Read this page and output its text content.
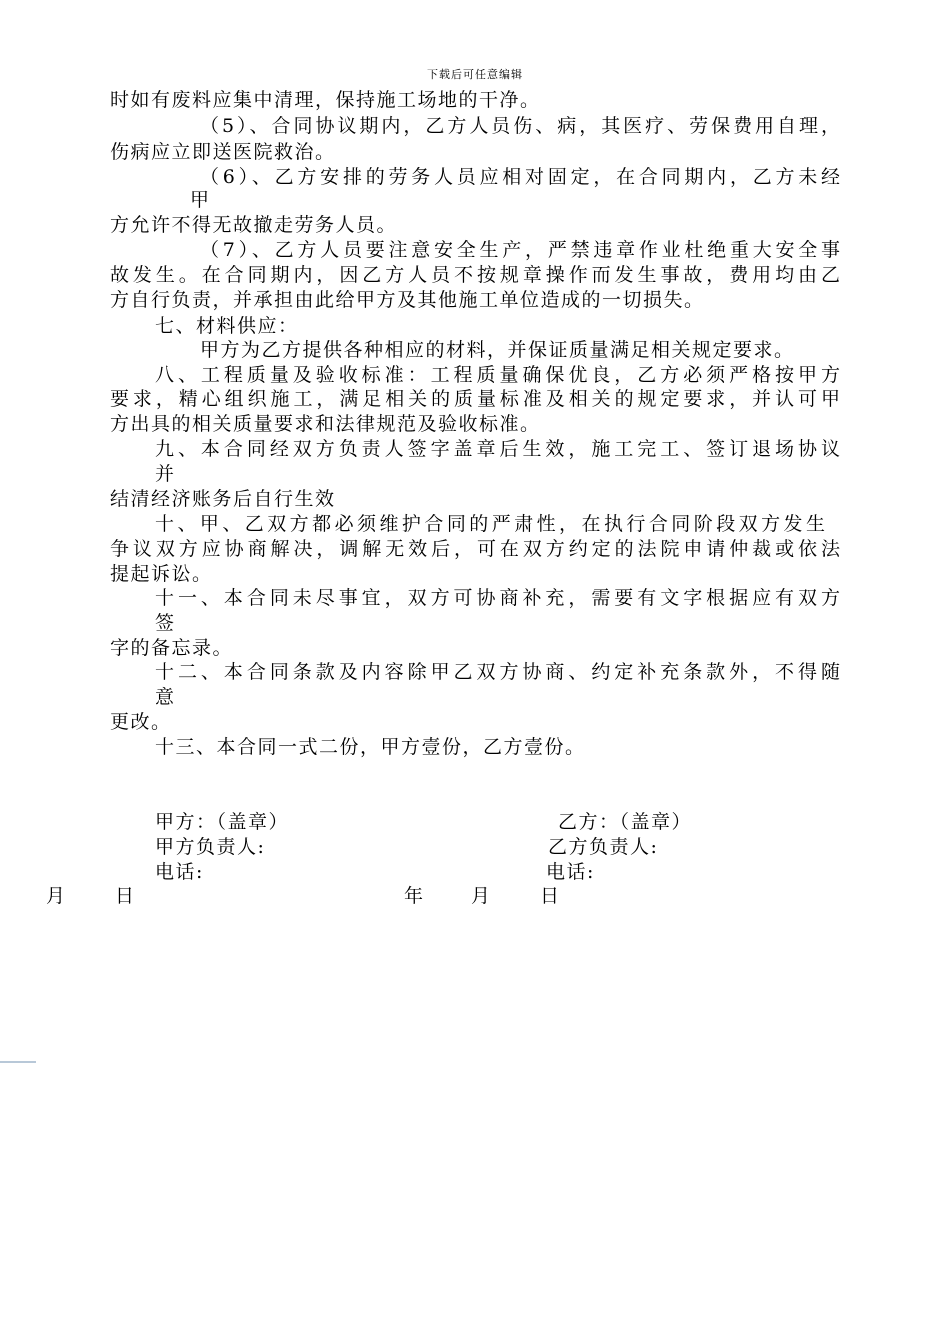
下载后可任意编辑
时如有废料应集中清理，保持施工场地的干净。
（5）、合同协议期内，乙方人员伤、病，其医疗、劳保费用自理，
伤病应立即送医院救治。
（6）、乙方安排的劳务人员应相对固定，在合同期内，乙方未经
甲
方允许不得无故撤走劳务人员。
（7）、乙方人员要注意安全生产，严禁违章作业杜绝重大安全事
故发生。在合同期内，因乙方人员不按规章操作而发生事故，费用均由乙
方自行负责，并承担由此给甲方及其他施工单位造成的一切损失。
七、材料供应：
甲方为乙方提供各种相应的材料，并保证质量满足相关规定要求。
八、工程质量及验收标准：工程质量确保优良，乙方必须严格按甲方
要求，精心组织施工，满足相关的质量标准及相关的规定要求，并认可甲
方出具的相关质量要求和法律规范及验收标准。
九、本合同经双方负责人签字盖章后生效，施工完工、签订退场协议
并
结清经济账务后自行生效
十、甲、乙双方都必须维护合同的严肃性，在执行合同阶段双方发生
争议双方应协商解决，调解无效后，可在双方约定的法院申请仲裁或依法
提起诉讼。
十一、本合同未尽事宜，双方可协商补充，需要有文字根据应有双方
签
字的备忘录。
十二、本合同条款及内容除甲乙双方协商、约定补充条款外，不得随
意
更改。
十三、本合同一式二份，甲方壹份，乙方壹份。
甲方：（盖章）	乙方：（盖章）
甲方负责人:	乙方负责人:
电话:	电话:
月	日	年 月	日
